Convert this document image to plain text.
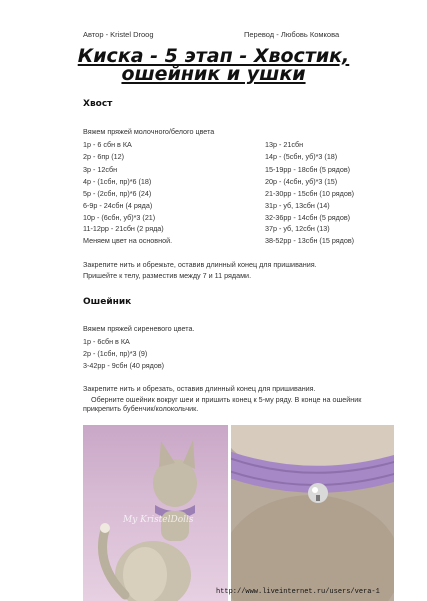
Автор - Kristel Droog	Перевод - Любовь Комкова
Киска - 5 этап - Хвостик,
ошейник и ушки
Хвост
Вяжем пряжей молочного/белого цвета
1р - 6 сбн в КА
2р - 6пр (12)
3р - 12сбн
4р - (1сбн, пр)*6 (18)
5р - (2сбн, пр)*6 (24)
6-9р - 24сбн (4 ряда)
10р - (6сбн, уб)*3 (21)
11-12рр - 21сбн (2 ряда)
Меняем цвет на основной.
13р - 21сбн
14р - (5сбн, уб)*3 (18)
15-19рр - 18сбн (5 рядов)
20р - (4сбн, уб)*3 (15)
21-30рр - 15сбн (10 рядов)
31р - уб, 13сбн (14)
32-36рр - 14сбн (5 рядов)
37р - уб, 12сбн (13)
38-52рр - 13сбн (15 рядов)
Закрепите нить и обрежьте, оставив длинный конец для пришивания.
Пришейте к телу, разместив между 7 и 11 рядами.
Ошейник
Вяжем пряжей сиреневого цвета.
1р - 6сбн в КА
2р - (1сбн, пр)*3 (9)
3-42рр - 9сбн (40 рядов)
Закрепите нить и обрезать, оставив длинный конец для пришивания.
Оберните ошейник вокруг шеи и пришить конец к 5-му ряду. В конце на ошейник
прикрепить бубенчик/колокольчик.
My KristelDolls
http://www.liveinternet.ru/users/vera-1
